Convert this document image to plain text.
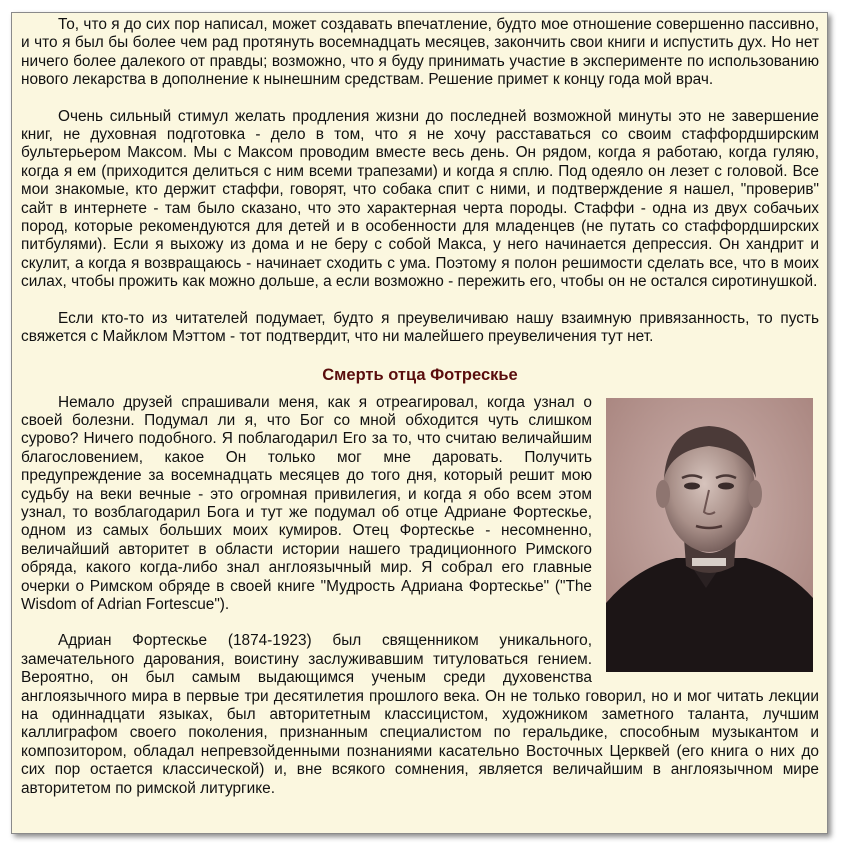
То, что я до сих пор написал, может создавать впечатление, будто мое отношение совершенно пассивно, и что я был бы более чем рад протянуть восемнадцать месяцев, закончить свои книги и испустить дух. Но нет ничего более далекого от правды; возможно, что я буду принимать участие в эксперименте по использованию нового лекарства в дополнение к нынешним средствам. Решение примет к концу года мой врач.

Очень сильный стимул желать продления жизни до последней возможной минуты это не завершение книг, не духовная подготовка - дело в том, что я не хочу расставаться со своим стаффордширским бультерьером Максом. Мы с Максом проводим вместе весь день. Он рядом, когда я работаю, когда гуляю, когда я ем (приходится делиться с ним всеми трапезами) и когда я сплю. Под одеяло он лезет с головой. Все мои знакомые, кто держит стаффи, говорят, что собака спит с ними, и подтверждение я нашел, "проверив" сайт в интернете - там было сказано, что это характерная черта породы. Стаффи - одна из двух собачьих пород, которые рекомендуются для детей и в особенности для младенцев (не путать со стаффордширских питбулями). Если я выхожу из дома и не беру с собой Макса, у него начинается депрессия. Он хандрит и скулит, а когда я возвращаюсь - начинает сходить с ума. Поэтому я полон решимости сделать все, что в моих силах, чтобы прожить как можно дольше, а если возможно - пережить его, чтобы он не остался сиротинушкой.

Если кто-то из читателей подумает, будто я преувеличиваю нашу взаимную привязанность, то пусть свяжется с Майклом Мэттом - тот подтвердит, что ни малейшего преувеличения тут нет.

Смерть отца Фотрескье

Немало друзей спрашивали меня, как я отреагировал, когда узнал о своей болезни. Подумал ли я, что Бог со мной обходится чуть слишком сурово? Ничего подобного. Я поблагодарил Его за то, что считаю величайшим благословением, какое Он только мог мне даровать. Получить предупреждение за восемнадцать месяцев до того дня, который решит мою судьбу на веки вечные - это огромная привилегия, и когда я обо всем этом узнал, то возблагодарил Бога и тут же подумал об отце Адриане Фортескье, одном из самых больших моих кумиров. Отец Фортескье - несомненно, величайший авторитет в области истории нашего традиционного Римского обряда, какого когда-либо знал англоязычный мир. Я собрал его главные очерки о Римском обряде в своей книге "Мудрость Адриана Фортескье" ("The Wisdom of Adrian Fortescue").

Адриан Фортескье (1874-1923) был священником уникального, замечательного дарования, воистину заслуживавшим титуловаться гением. Вероятно, он был самым выдающимся ученым среди духовенства англоязычного мира в первые три десятилетия прошлого века. Он не только говорил, но и мог читать лекции на одиннадцати языках, был авторитетным классицистом, художником заметного таланта, лучшим каллиграфом своего поколения, признанным специалистом по геральдике, способным музыкантом и композитором, обладал непревзойденными познаниями касательно Восточных Церквей (его книга о них до сих пор остается классической) и, вне всякого сомнения, является величайшим в англоязычном мире авторитетом по римской литургике.
